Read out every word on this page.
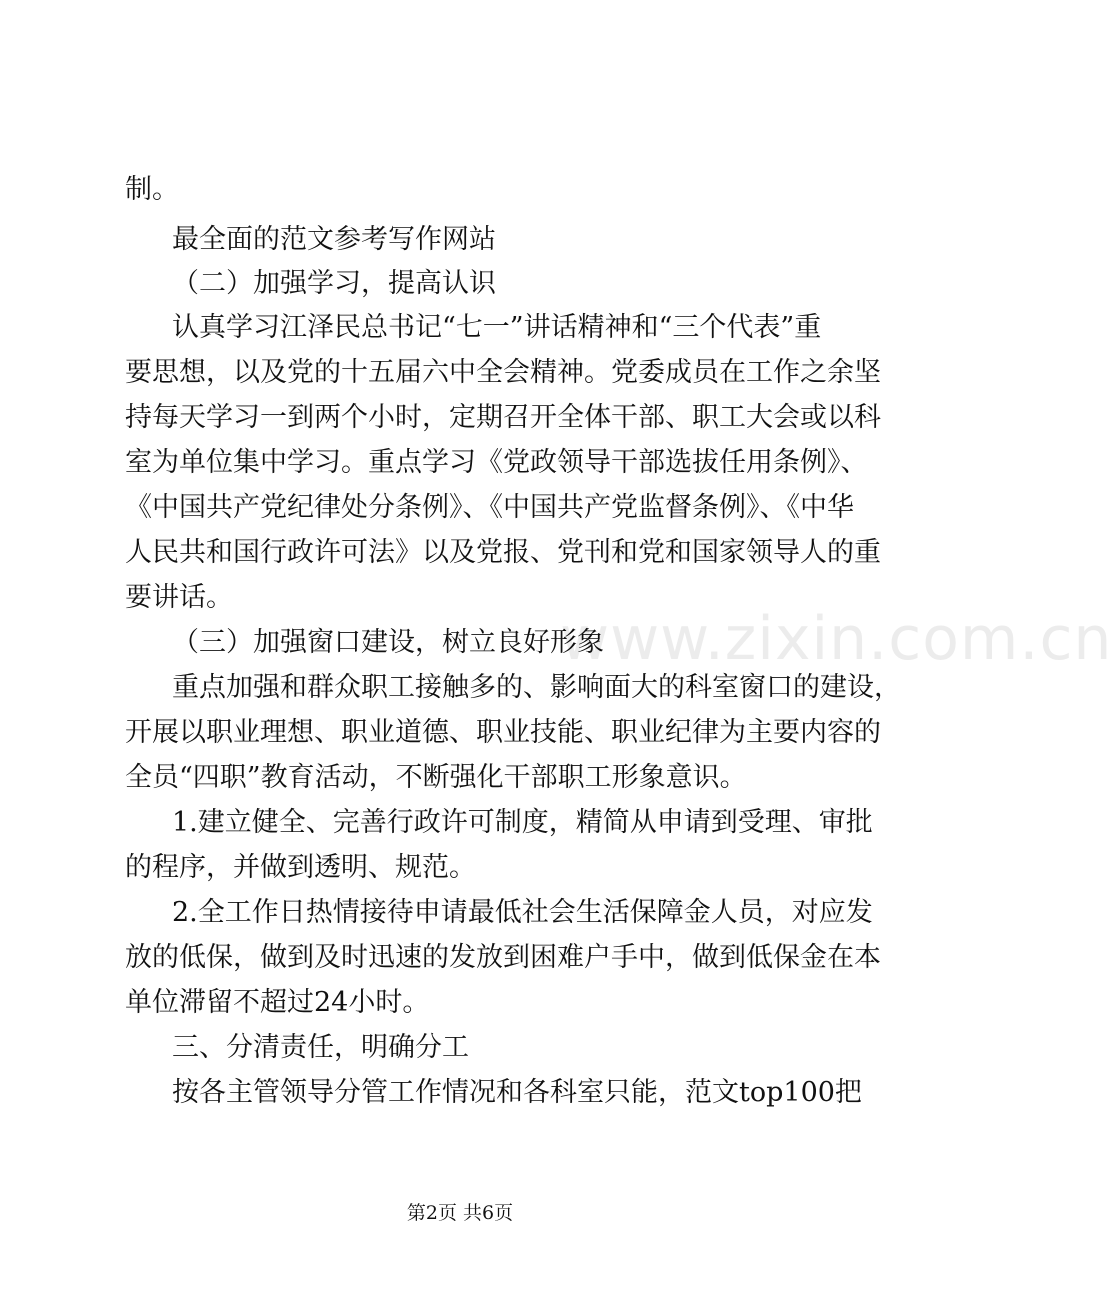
www.zixin.com.cn
制。
最全面的范文参考写作网站
（二）加强学习，提高认识
认真学习江泽民总书记“七一”讲话精神和“三个代表”重
要思想，以及党的十五届六中全会精神。党委成员在工作之余坚
持每天学习一到两个小时，定期召开全体干部、职工大会或以科
室为单位集中学习。重点学习《党政领导干部选拔任用条例》、
《中国共产党纪律处分条例》、《中国共产党监督条例》、《中华
人民共和国行政许可法》以及党报、党刊和党和国家领导人的重
要讲话。
（三）加强窗口建设，树立良好形象
重点加强和群众职工接触多的、影响面大的科室窗口的建设，
开展以职业理想、职业道德、职业技能、职业纪律为主要内容的
全员“四职”教育活动，不断强化干部职工形象意识。
1.建立健全、完善行政许可制度，精简从申请到受理、审批
的程序，并做到透明、规范。
2.全工作日热情接待申请最低社会生活保障金人员，对应发
放的低保，做到及时迅速的发放到困难户手中，做到低保金在本
单位滞留不超过24小时。
三、分清责任，明确分工
按各主管领导分管工作情况和各科室只能，范文top100把
第2页 共6页
